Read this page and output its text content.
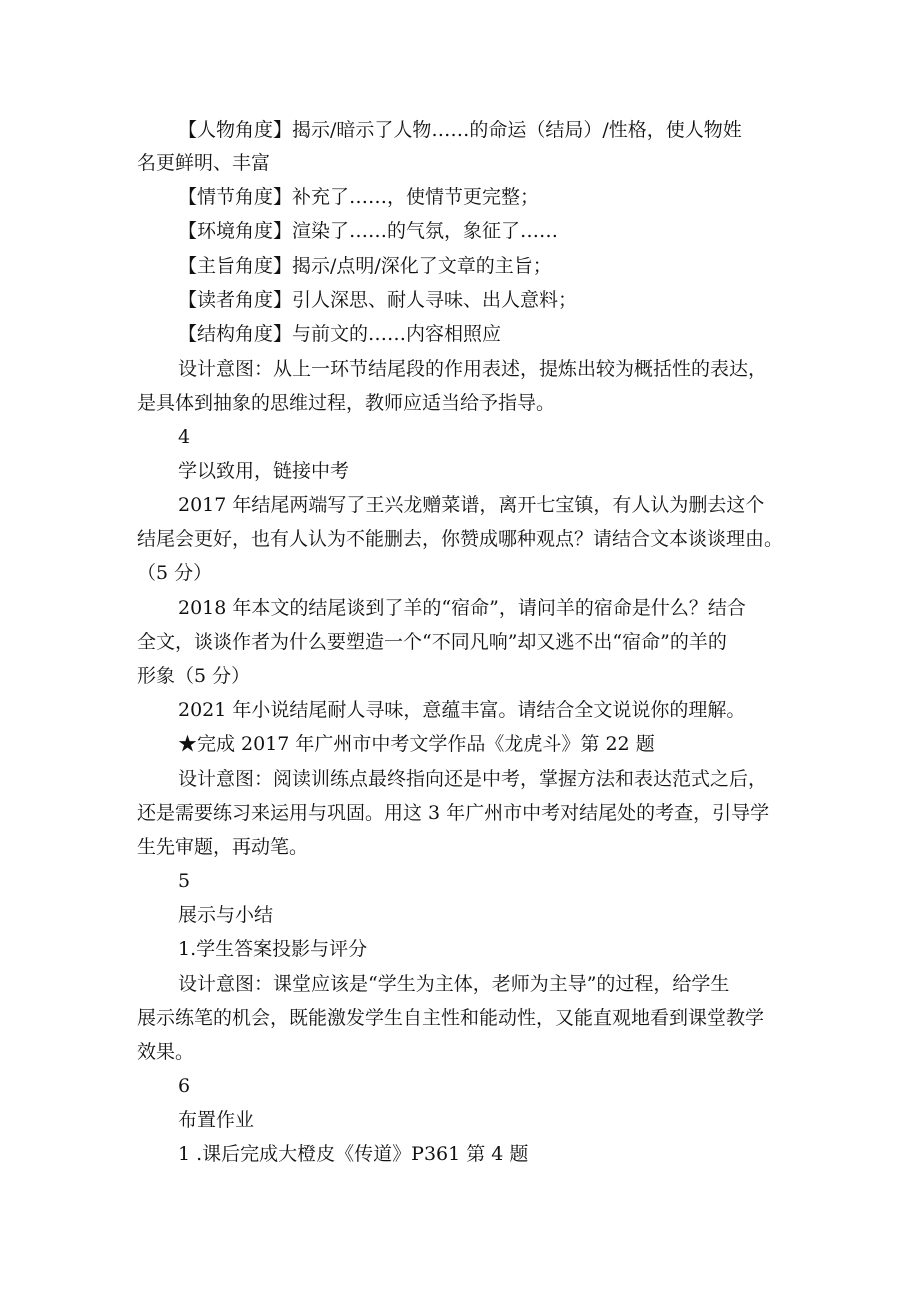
【人物角度】揭示/暗示了人物……的命运（结局）/性格，使人物姓
名更鲜明、丰富
【情节角度】补充了……，使情节更完整；
【环境角度】渲染了……的气氛，象征了……
【主旨角度】揭示/点明/深化了文章的主旨；
【读者角度】引人深思、耐人寻味、出人意料；
【结构角度】与前文的……内容相照应
设计意图：从上一环节结尾段的作用表述，提炼出较为概括性的表达，
是具体到抽象的思维过程，教师应适当给予指导。
4
学以致用，链接中考
2017 年结尾两端写了王兴龙赠菜谱，离开七宝镇，有人认为删去这个
结尾会更好，也有人认为不能删去，你赞成哪种观点？请结合文本谈谈理由。
（5 分）
2018 年本文的结尾谈到了羊的“宿命”，请问羊的宿命是什么？结合
全文，谈谈作者为什么要塑造一个“不同凡响”却又逃不出“宿命”的羊的
形象（5 分）
2021 年小说结尾耐人寻味，意蕴丰富。请结合全文说说你的理解。
★完成 2017 年广州市中考文学作品《龙虎斗》第 22 题
设计意图：阅读训练点最终指向还是中考，掌握方法和表达范式之后，
还是需要练习来运用与巩固。用这 3 年广州市中考对结尾处的考查，引导学
生先审题，再动笔。
5
展示与小结
1.学生答案投影与评分
设计意图：课堂应该是“学生为主体，老师为主导”的过程，给学生
展示练笔的机会，既能激发学生自主性和能动性，又能直观地看到课堂教学
效果。
6
布置作业
1 .课后完成大橙皮《传道》P361 第 4 题
